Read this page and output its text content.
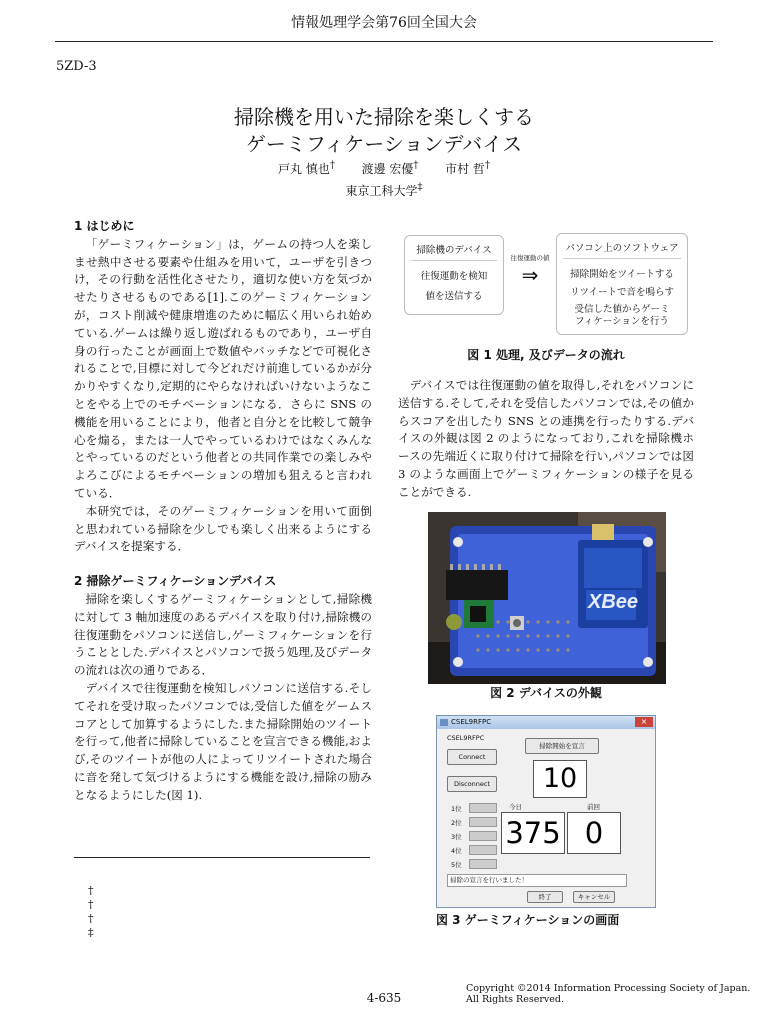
情報処理学会第76回全国大会
5ZD-3
掃除機を用いた掃除を楽しくする
ゲーミフィケーションデバイス
戸丸 慎也† 渡邊 宏優† 市村 哲†
東京工科大学‡
1 はじめに

「ゲーミフィケーション」は，ゲームの持つ人を楽しませ熱中させる要素や仕組みを用いて，ユーザを引きつけ，その行動を活性化させたり，適切な使い方を気づかせたりさせるものである[1].このゲーミフィケーションが，コスト削減や健康増進のために幅広く用いられ始めている.ゲームは繰り返し遊ばれるものであり，ユーザ自身の行ったことが画面上で数値やバッチなどで可視化されることで,目標に対して今どれだけ前進しているかが分かりやすくなり,定期的にやらなければいけないようなことをやる上でのモチベーションになる．さらに SNS の機能を用いることにより，他者と自分とを比較して競争心を煽る，または一人でやっているわけではなくみんなとやっているのだという他者との共同作業での楽しみやよろこびによるモチベーションの増加も狙えると言われている．

本研究では，そのゲーミフィケーションを用いて面倒と思われている掃除を少しでも楽しく出来るようにするデバイスを提案する．

2 掃除ゲーミフィケーションデバイス

掃除を楽しくするゲーミフィケーションとして,掃除機に対して 3 軸加速度のあるデバイスを取り付け,掃除機の往復運動をパソコンに送信し,ゲーミフィケーションを行うこととした.デバイスとパソコンで扱う処理,及びデータの流れは次の通りである．

デバイスで往復運動を検知しパソコンに送信する.そしてそれを受け取ったパソコンでは,受信した値をゲームスコアとして加算するようにした.また掃除開始のツイートを行って,他者に掃除していることを宣言できる機能,および,そのツイートが他の人によってリツイートされた場合に音を発して気づけるようにする機能を設け,掃除の励みとなるようにした(図 1).

†
†
†
‡
掃除機のデバイス
往復運動を検知
値を送信する
往復運動の値
⇒
パソコン上のソフトウェア
掃除開始をツイートする
リツイートで音を鳴らす
受信した値からゲーミフィケーションを行う
図 1 処理, 及びデータの流れ

デバイスでは往復運動の値を取得し,それをパソコンに送信する.そして,それを受信したパソコンでは,その値からスコアを出したり SNS との連携を行ったりする.デバイスの外観は図 2 のようになっており,これを掃除機ホースの先端近くに取り付けて掃除を行い,パソコンでは図 3 のような画面上でゲーミフィケーションの様子を見ることができる.

XBee
図 2 デバイスの外観
CSEL9RFPC	×
CSEL9RFPC
Connect
Disconnect
掃除開始を宣言
10
1位
2位
3位
4位
5位
今日	前回
375 0
掃除の宣言を行いました！
終了	キャンセル
図 3 ゲーミフィケーションの画面
4-635
Copyright ©2014 Information Processing Society of Japan.
All Rights Reserved.
